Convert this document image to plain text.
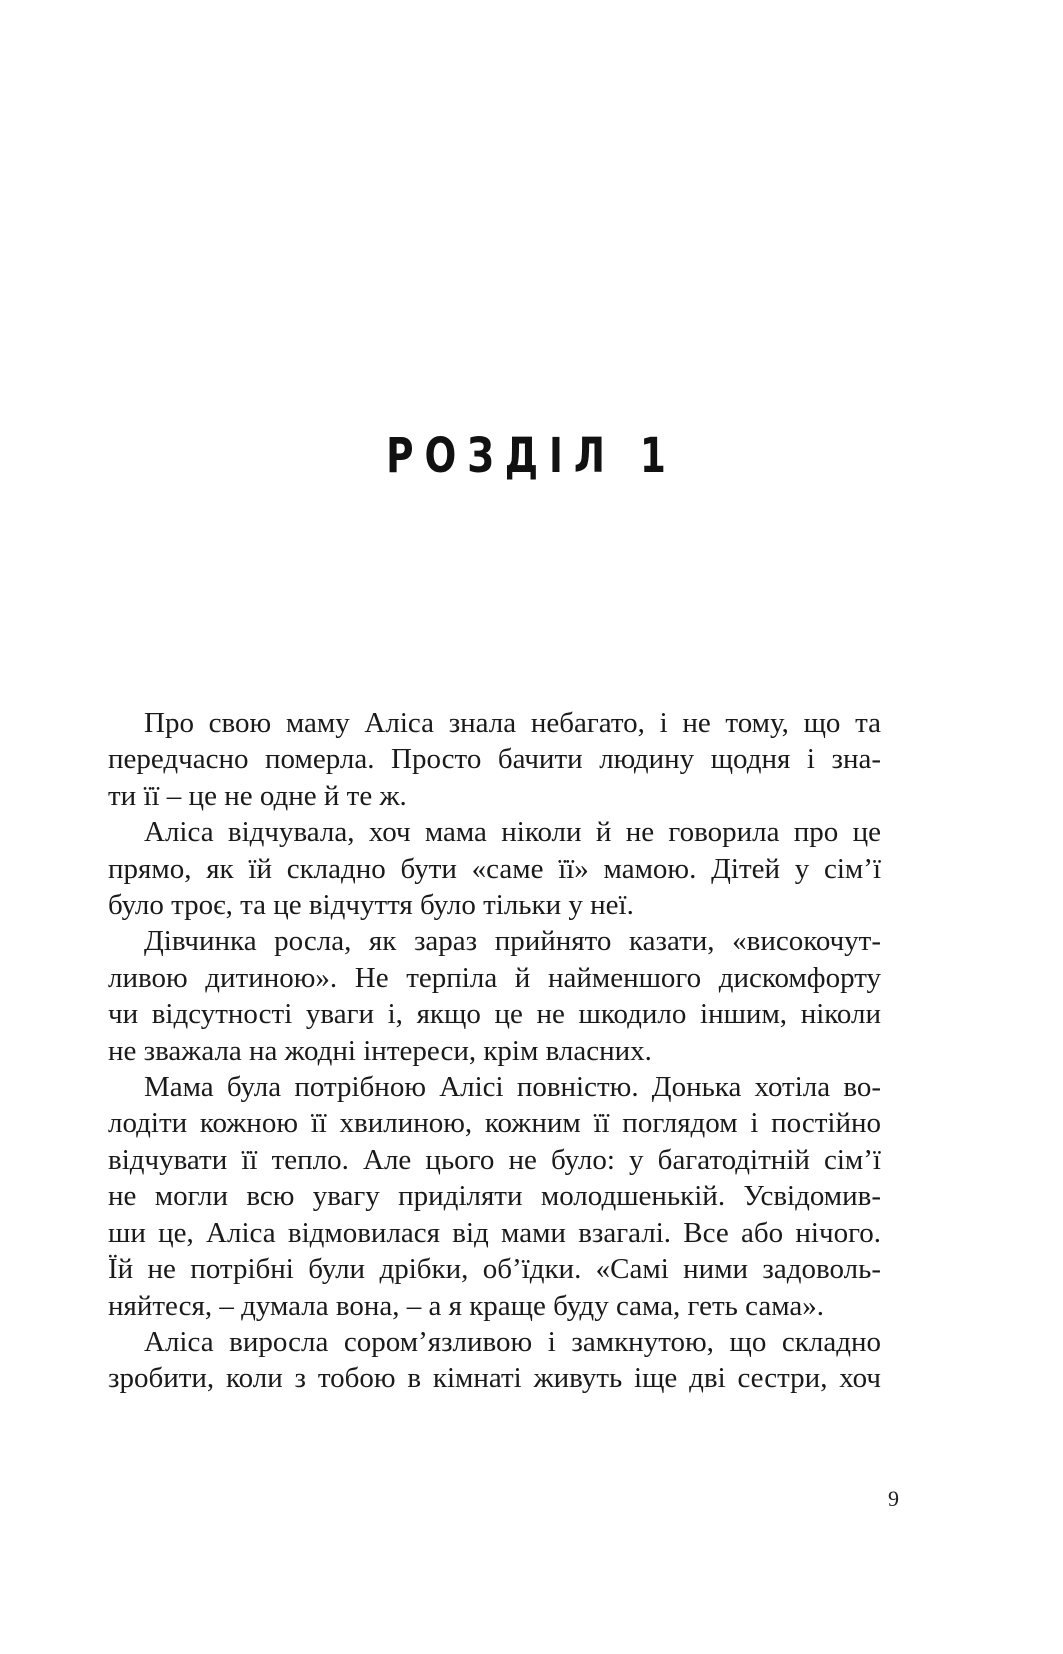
РОЗДІЛ 1
Про свою маму Аліса знала небагато, і не тому, що та
передчасно померла. Просто бачити людину щодня і зна-
ти її – це не одне й те ж.
Аліса відчувала, хоч мама ніколи й не говорила про це
прямо, як їй складно бути «саме її» мамою. Дітей у сім’ї
було троє, та це відчуття було тільки у неї.
Дівчинка росла, як зараз прийнято казати, «високочут-
ливою дитиною». Не терпіла й найменшого дискомфорту
чи відсутності уваги і, якщо це не шкодило іншим, ніколи
не зважала на жодні інтереси, крім власних.
Мама була потрібною Алісі повністю. Донька хотіла во-
лодіти кожною її хвилиною, кожним її поглядом і постійно
відчувати її тепло. Але цього не було: у багатодітній сім’ї
не могли всю увагу приділяти молодшенькій. Усвідомив-
ши це, Аліса відмовилася від мами взагалі. Все або нічого.
Їй не потрібні були дрібки, об’їдки. «Самі ними задоволь-
няйтеся, – думала вона, – а я краще буду сама, геть сама».
Аліса виросла сором’язливою і замкнутою, що складно
зробити, коли з тобою в кімнаті живуть іще дві сестри, хоч
9
